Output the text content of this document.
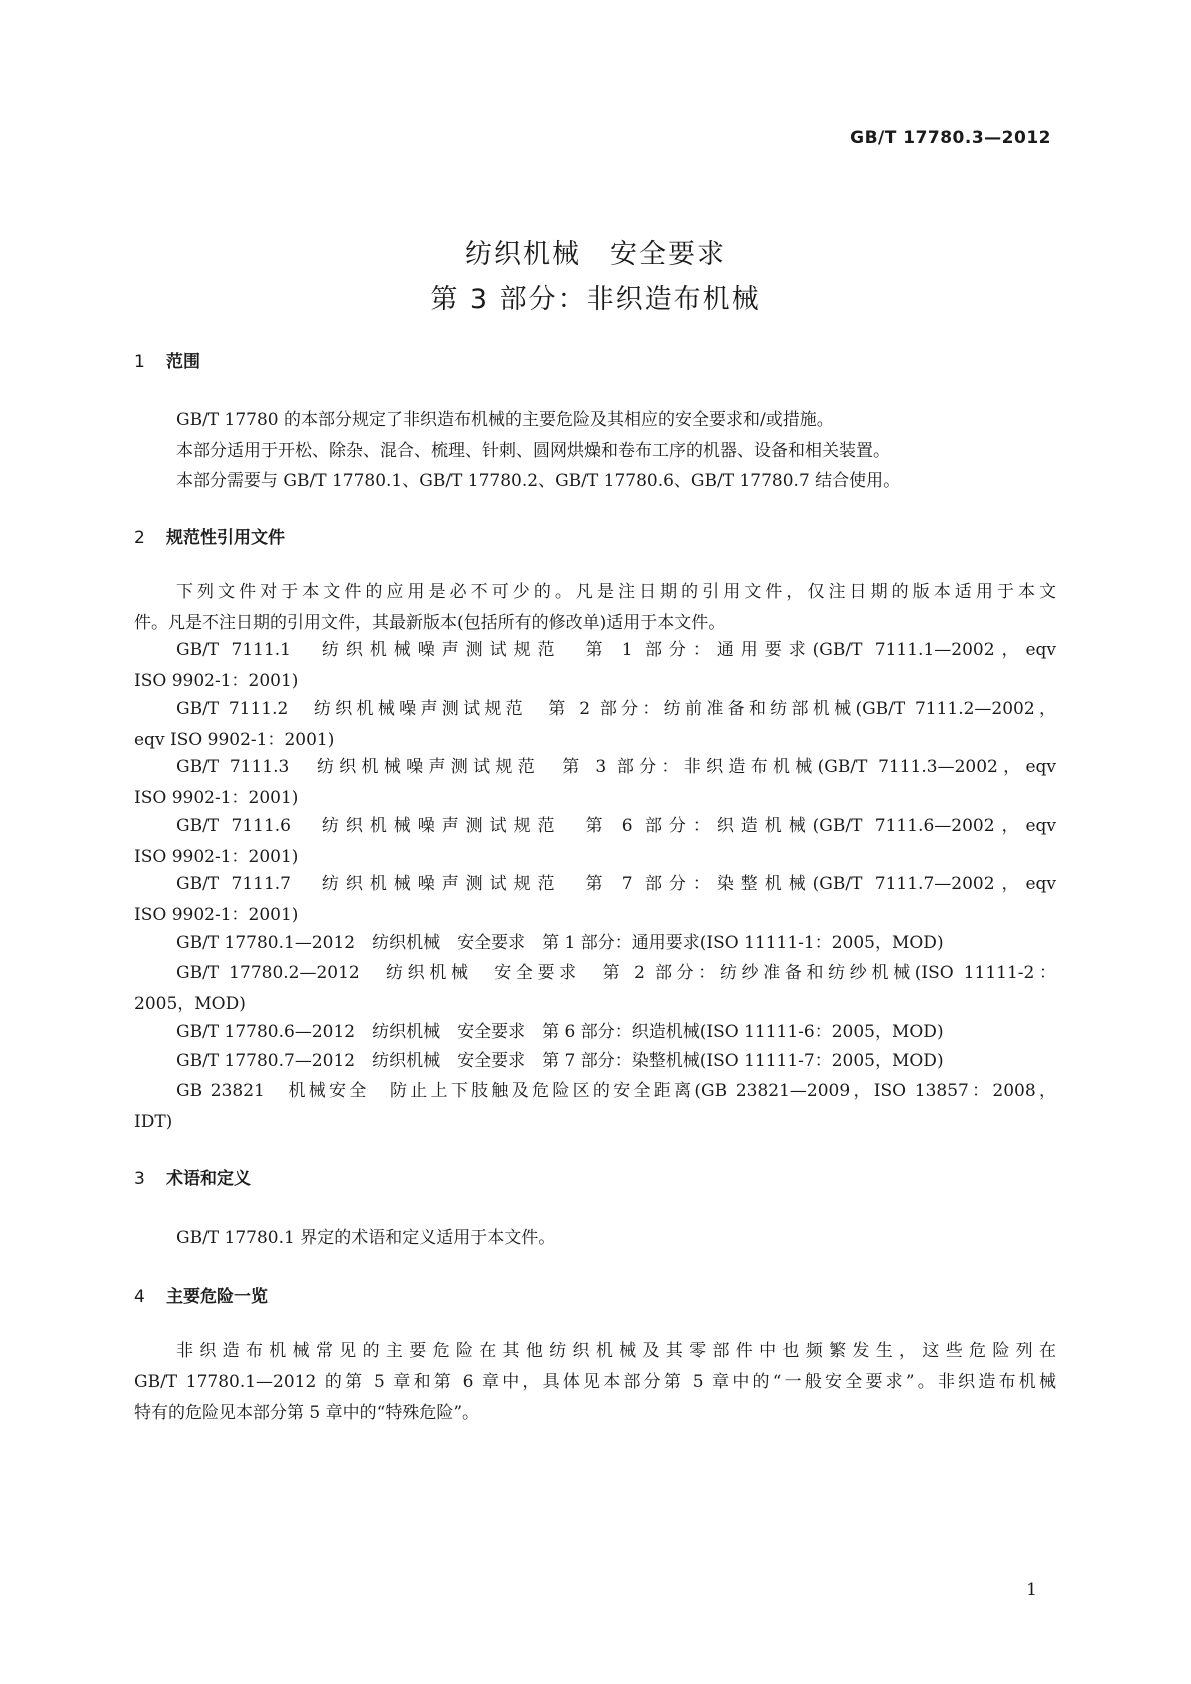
GB/T 17780.3—2012
纺织机械　安全要求
第 3 部分：非织造布机械
1 范围
GB/T 17780 的本部分规定了非织造布机械的主要危险及其相应的安全要求和/或措施。
本部分适用于开松、除杂、混合、梳理、针刺、圆网烘燥和卷布工序的机器、设备和相关装置。
本部分需要与 GB/T 17780.1、GB/T 17780.2、GB/T 17780.6、GB/T 17780.7 结合使用。
2 规范性引用文件
下列文件对于本文件的应用是必不可少的。凡是注日期的引用文件，仅注日期的版本适用于本文
件。凡是不注日期的引用文件，其最新版本(包括所有的修改单)适用于本文件。
GB/T 7111.1　纺织机械噪声测试规范　第 1 部分：通用要求(GB/T 7111.1—2002，eqv
ISO 9902-1：2001)
GB/T 7111.2　纺织机械噪声测试规范　第 2 部分：纺前准备和纺部机械(GB/T 7111.2—2002，
eqv ISO 9902-1：2001)
GB/T 7111.3　纺织机械噪声测试规范　第 3 部分：非织造布机械(GB/T 7111.3—2002，eqv
ISO 9902-1：2001)
GB/T 7111.6　纺织机械噪声测试规范　第 6 部分：织造机械(GB/T 7111.6—2002，eqv
ISO 9902-1：2001)
GB/T 7111.7　纺织机械噪声测试规范　第 7 部分：染整机械(GB/T 7111.7—2002，eqv
ISO 9902-1：2001)
GB/T 17780.1—2012　纺织机械　安全要求　第 1 部分：通用要求(ISO 11111-1：2005，MOD)
GB/T 17780.2—2012　纺织机械　安全要求　第 2 部分：纺纱准备和纺纱机械(ISO 11111-2：
2005，MOD)
GB/T 17780.6—2012　纺织机械　安全要求　第 6 部分：织造机械(ISO 11111-6：2005，MOD)
GB/T 17780.7—2012　纺织机械　安全要求　第 7 部分：染整机械(ISO 11111-7：2005，MOD)
GB 23821　机械安全　防止上下肢触及危险区的安全距离(GB 23821—2009，ISO 13857：2008，
IDT)
3 术语和定义
GB/T 17780.1 界定的术语和定义适用于本文件。
4 主要危险一览
非织造布机械常见的主要危险在其他纺织机械及其零部件中也频繁发生，这些危险列在
GB/T 17780.1—2012 的第 5 章和第 6 章中，具体见本部分第 5 章中的“一般安全要求”。非织造布机械
特有的危险见本部分第 5 章中的“特殊危险”。
1
